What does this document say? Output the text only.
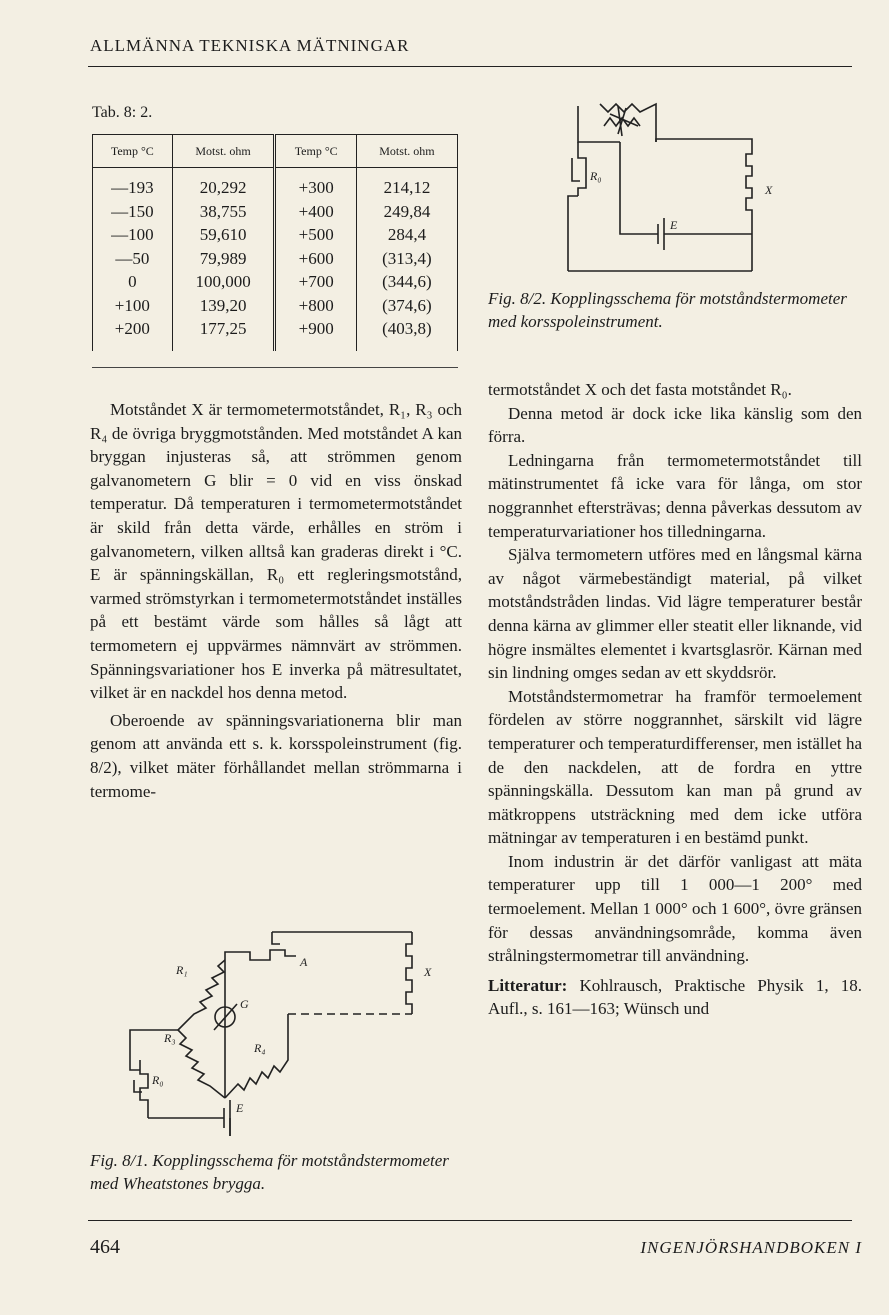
ALLMÄNNA TEKNISKA MÄTNINGAR
Tab. 8: 2.
Temp °C	Motst. ohm	Temp °C	Motst. ohm
—193	20,292	+300	214,12
—150	38,755	+400	249,84
—100	59,610	+500	284,4
—50	79,989	+600	(313,4)
0	100,000	+700	(344,6)
+100	139,20	+800	(374,6)
+200	177,25	+900	(403,8)
R₀
X
E
Fig. 8/2. Kopplingsschema för motståndstermometer med korsspoleinstrument.

Motståndet X är termometermotståndet, R₁, R₃ och R₄ de övriga bryggmotstånden. Med motståndet A kan bryggan injusteras så, att strömmen genom galvanometern G blir = 0 vid en viss önskad temperatur. Då temperaturen i termometermotståndet är skild från detta värde, erhålles en ström i galvanometern, vilken alltså kan graderas direkt i °C. E är spänningskällan, R₀ ett regleringsmotstånd, varmed strömstyrkan i termometermotståndet inställes på ett bestämt värde som hålles så lågt att termometern ej uppvärmes nämnvärt av strömmen. Spänningsvariationer hos E inverka på mätresultatet, vilket är en nackdel hos denna metod.

Oberoende av spänningsvariationerna blir man genom att använda ett s. k. korsspoleinstrument (fig. 8/2), vilket mäter förhållandet mellan strömmarna i termome-

termotståndet X och det fasta motståndet R₀.

Denna metod är dock icke lika känslig som den förra.

Ledningarna från termometermotståndet till mätinstrumentet få icke vara för långa, om stor noggrannhet eftersträvas; denna påverkas dessutom av temperaturvariationer hos tilledningarna.

Själva termometern utföres med en långsmal kärna av något värmebeständigt material, på vilket motståndstråden lindas. Vid lägre temperaturer består denna kärna av glimmer eller steatit eller liknande, vid högre insmältes elementet i kvartsglasrör. Kärnan med sin lindning omges sedan av ett skyddsrör.

Motståndstermometrar ha framför termoelement fördelen av större noggrannhet, särskilt vid lägre temperaturer och temperaturdifferenser, men istället ha de den nackdelen, att de fordra en yttre spänningskälla. Dessutom kan man på grund av mätkroppens utsträckning med dem icke utföra mätningar av temperaturen i en bestämd punkt.

Inom industrin är det därför vanligast att mäta temperaturer upp till 1 000—1 200° med termoelement. Mellan 1 000° och 1 600°, övre gränsen för dessas användningsområde, komma även strålningstermometrar till användning.

Litteratur: Kohlrausch, Praktische Physik 1, 18. Aufl., s. 161—163; Wünsch und

R₁
A
X
G
R₃
R₄
R₀
E
Fig. 8/1. Kopplingsschema för motståndstermometer med Wheatstones brygga.
464	INGENJÖRSHANDBOKEN I
